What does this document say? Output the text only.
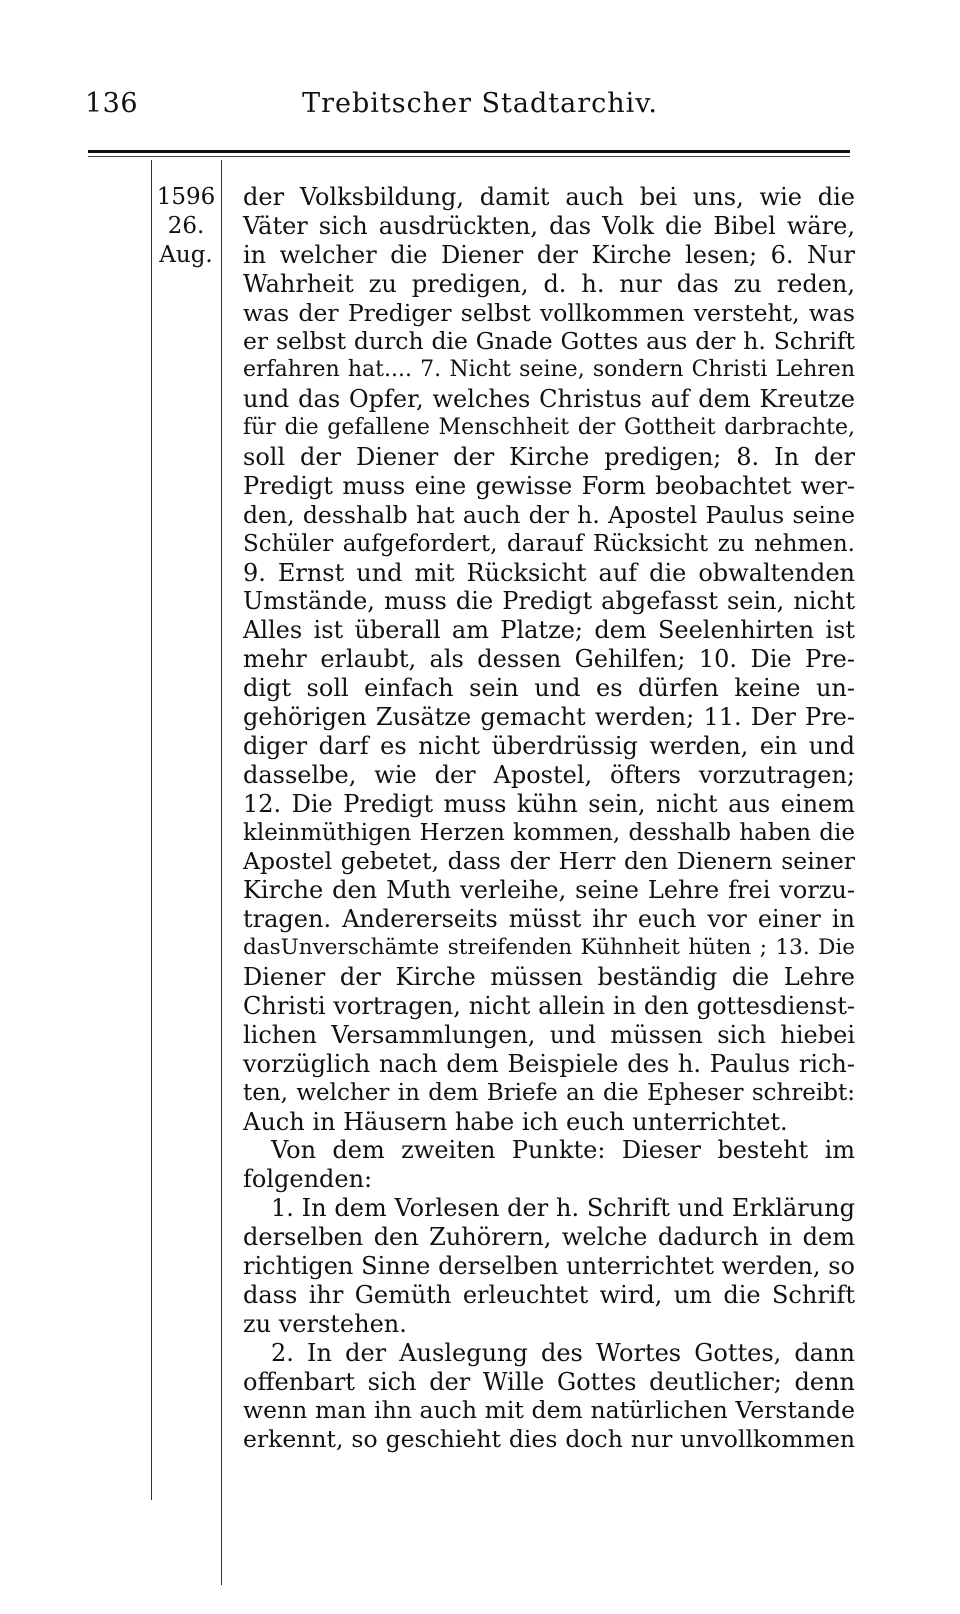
136	Trebitscher Stadtarchiv.
1596
26.
Aug.
der Volksbildung, damit auch bei uns, wie die
Väter sich ausdrückten, das Volk die Bibel wäre,
in welcher die Diener der Kirche lesen; 6. Nur
Wahrheit zu predigen, d. h. nur das zu reden,
was der Prediger selbst vollkommen versteht, was
er selbst durch die Gnade Gottes aus der h. Schrift
erfahren hat.... 7. Nicht seine, sondern Christi Lehren
und das Opfer, welches Christus auf dem Kreutze
für die gefallene Menschheit der Gottheit darbrachte,
soll der Diener der Kirche predigen; 8. In der
Predigt muss eine gewisse Form beobachtet wer-
den, desshalb hat auch der h. Apostel Paulus seine
Schüler aufgefordert, darauf Rücksicht zu nehmen.
9. Ernst und mit Rücksicht auf die obwaltenden
Umstände, muss die Predigt abgefasst sein, nicht
Alles ist überall am Platze; dem Seelenhirten ist
mehr erlaubt, als dessen Gehilfen; 10. Die Pre-
digt soll einfach sein und es dürfen keine un-
gehörigen Zusätze gemacht werden; 11. Der Pre-
diger darf es nicht überdrüssig werden, ein und
dasselbe, wie der Apostel, öfters vorzutragen;
12. Die Predigt muss kühn sein, nicht aus einem
kleinmüthigen Herzen kommen, desshalb haben die
Apostel gebetet, dass der Herr den Dienern seiner
Kirche den Muth verleihe, seine Lehre frei vorzu-
tragen. Andererseits müsst ihr euch vor einer in
dasUnverschämte streifenden Kühnheit hüten ; 13. Die
Diener der Kirche müssen beständig die Lehre
Christi vortragen, nicht allein in den gottesdienst-
lichen Versammlungen, und müssen sich hiebei
vorzüglich nach dem Beispiele des h. Paulus rich-
ten, welcher in dem Briefe an die Epheser schreibt:
Auch in Häusern habe ich euch unterrichtet.
Von dem zweiten Punkte: Dieser besteht im
folgenden:
1. In dem Vorlesen der h. Schrift und Erklärung
derselben den Zuhörern, welche dadurch in dem
richtigen Sinne derselben unterrichtet werden, so
dass ihr Gemüth erleuchtet wird, um die Schrift
zu verstehen.
2. In der Auslegung des Wortes Gottes, dann
offenbart sich der Wille Gottes deutlicher; denn
wenn man ihn auch mit dem natürlichen Verstande
erkennt, so geschieht dies doch nur unvollkommen
